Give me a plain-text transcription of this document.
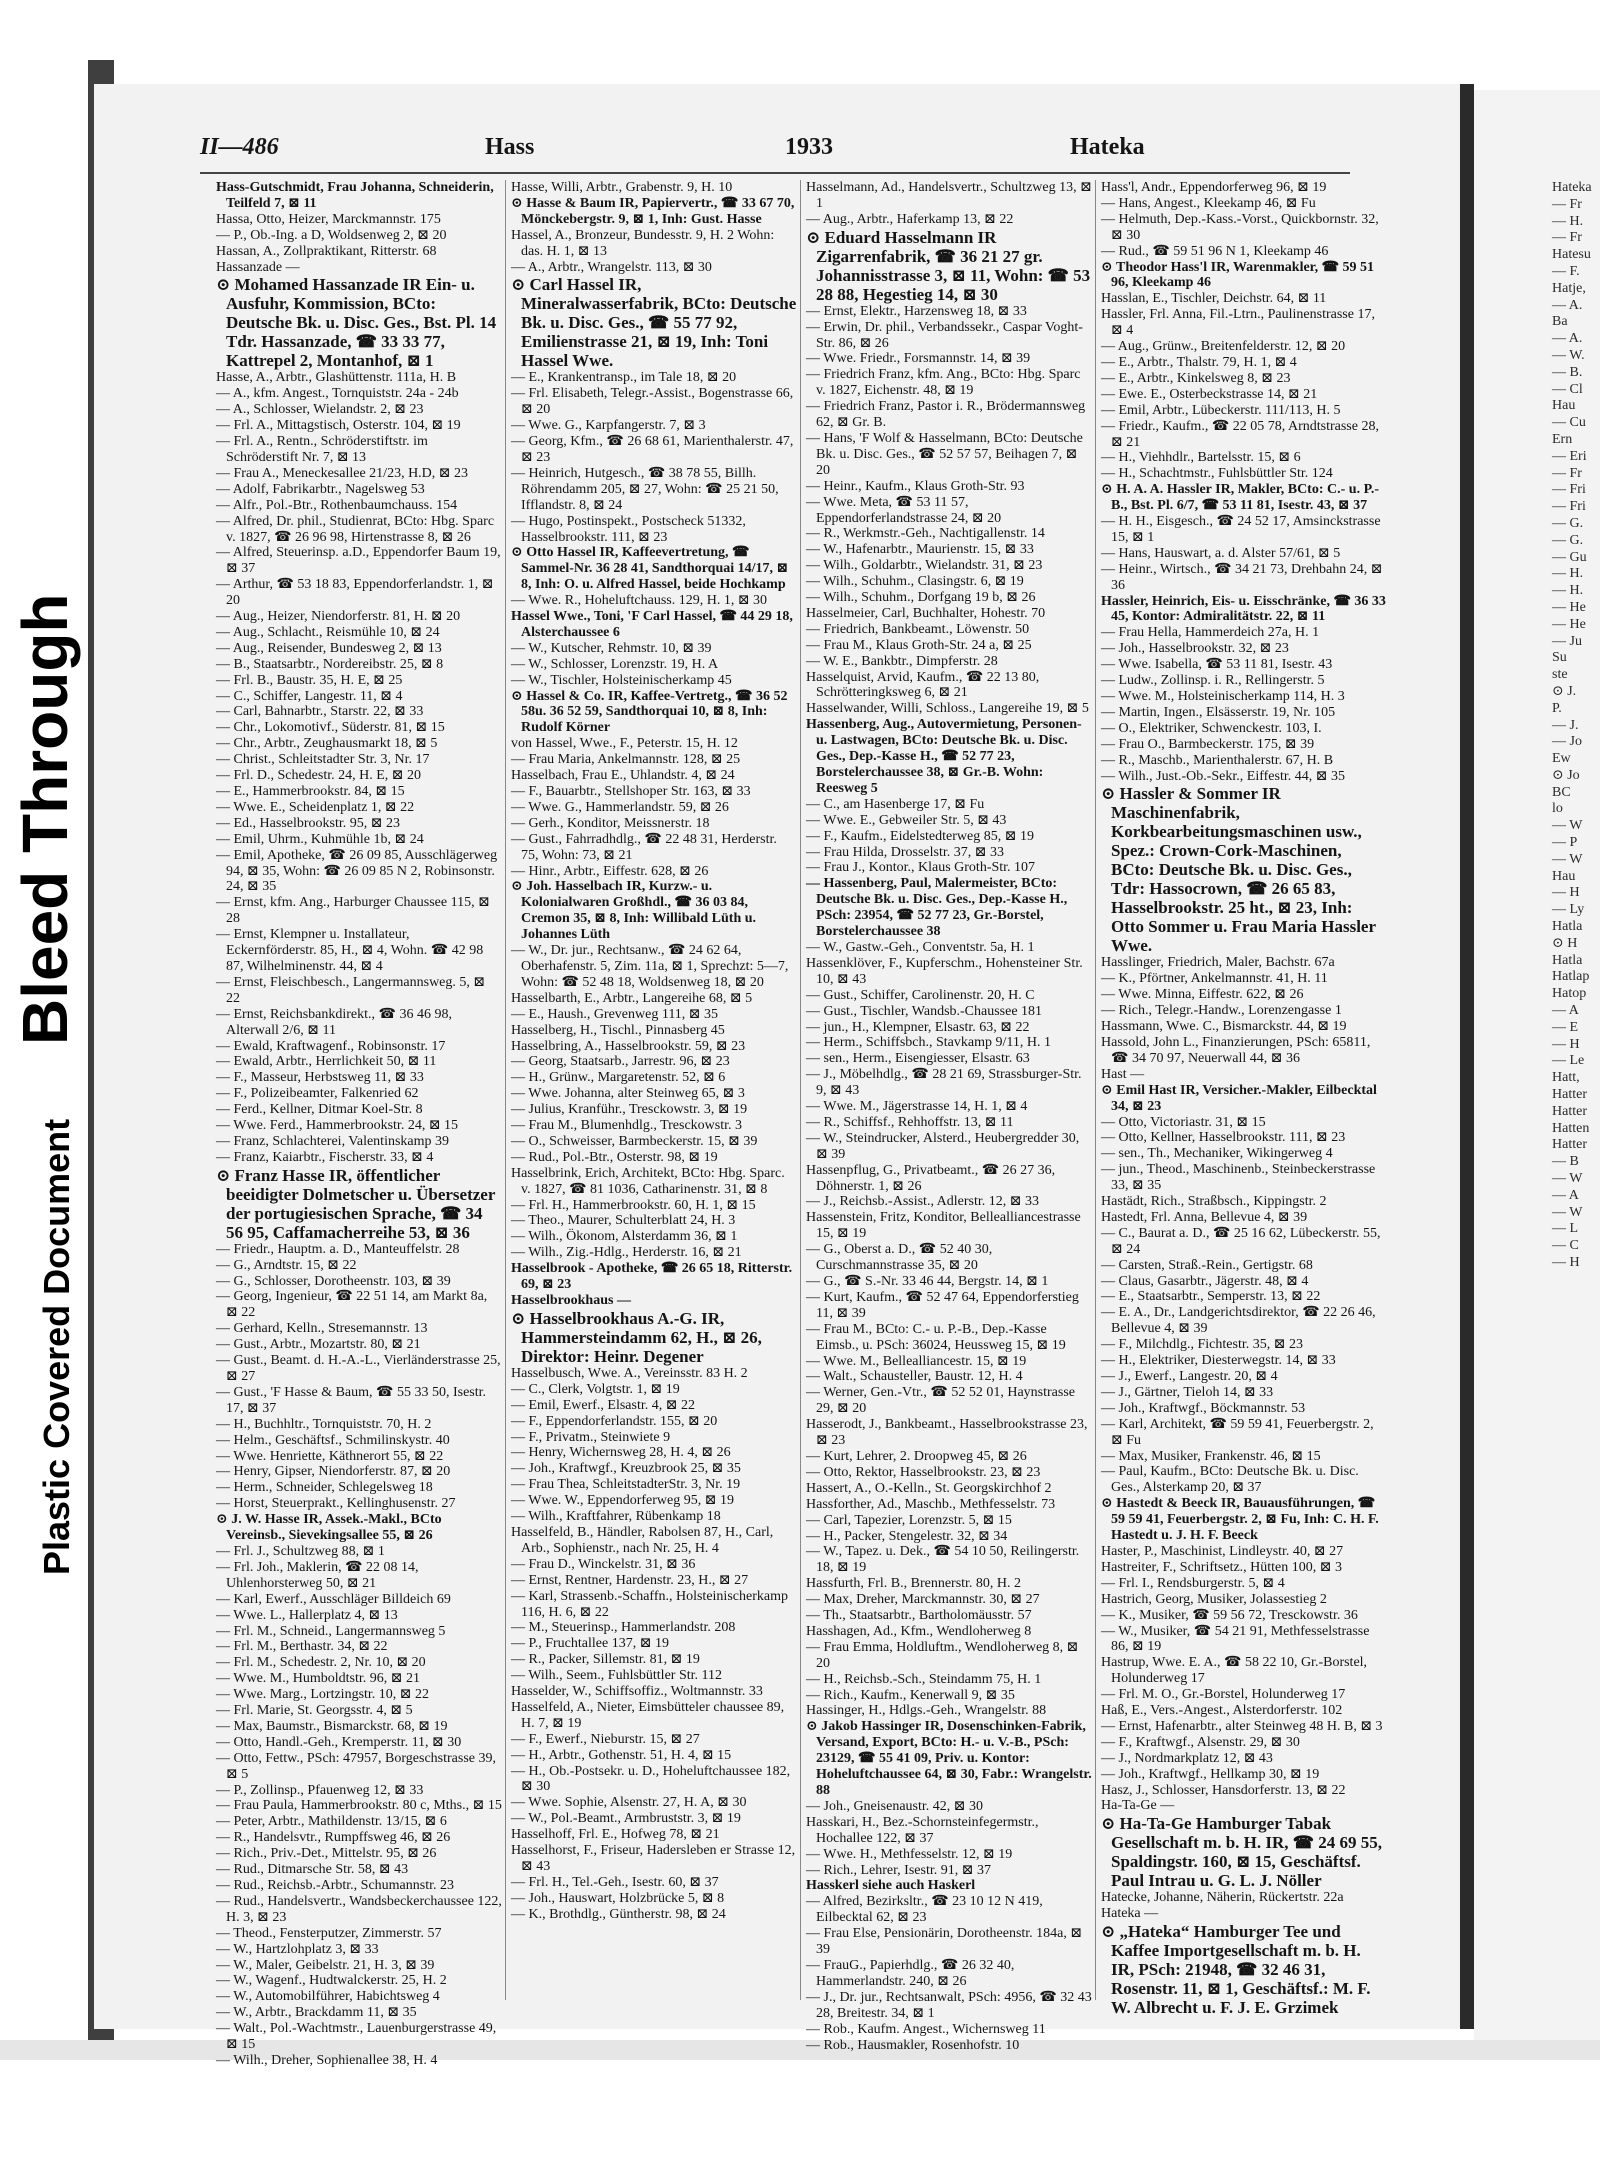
Hateka
— Fr
— H.
— Fr
Hatesu
— F.
Hatje,
— A.
Ba
— A.
— W.
— B.
— Cl
Hau
— Cu
Ern
— Eri
— Fr
— Fri
— Fri
— G.
— G.
— Gu
— H.
— H.
— He
— He
— Ju
Su
ste
⊙ J.
P.
— J.
— Jo
Ew
⊙ Jo
BC
lo
— W
— P
— W
Hau
— H
— Ly
Hatla
⊙ H
Hatla
Hatlap
Hatop
— A
— E
— H
— Le
Hatt,
Hatter
Hatter
Hatten
Hatter
— B
— W
— A
— W
— L
— C
— H
Bleed Through
Plastic Covered Document
II—486	Hass	1933	Hateka

Hass-Gutschmidt, Frau Johanna, Schneiderin, Teilfeld 7, ⊠ 11

Hassa, Otto, Heizer, Marckmannstr. 175

— P., Ob.-Ing. a D, Woldsenweg 2, ⊠ 20

Hassan, A., Zollpraktikant, Ritterstr. 68

Hassanzade —

⊙ Mohamed Hassanzade IR Ein- u. Ausfuhr, Kommission, BCto: Deutsche Bk. u. Disc. Ges., Bst. Pl. 14 Tdr. Hassanzade, ☎ 33 33 77, Kattrepel 2, Montanhof, ⊠ 1

Hasse, A., Arbtr., Glashüttenstr. 111a, H. B

— A., kfm. Angest., Tornquiststr. 24a - 24b

— A., Schlosser, Wielandstr. 2, ⊠ 23

— Frl. A., Mittagstisch, Osterstr. 104, ⊠ 19

— Frl. A., Rentn., Schröderstiftstr. im Schröderstift Nr. 7, ⊠ 13

— Frau A., Meneckesallee 21/23, H.D, ⊠ 23

— Adolf, Fabrikarbtr., Nagelsweg 53

— Alfr., Pol.-Btr., Rothenbaumchauss. 154

— Alfred, Dr. phil., Studienrat, BCto: Hbg. Sparc v. 1827, ☎ 26 96 98, Hirtenstrasse 8, ⊠ 26

— Alfred, Steuerinsp. a.D., Eppendorfer Baum 19, ⊠ 37

— Arthur, ☎ 53 18 83, Eppendorferlandstr. 1, ⊠ 20

— Aug., Heizer, Niendorferstr. 81, H. ⊠ 20

— Aug., Schlacht., Reismühle 10, ⊠ 24

— Aug., Reisender, Bundesweg 2, ⊠ 13

— B., Staatsarbtr., Nordereibstr. 25, ⊠ 8

— Frl. B., Baustr. 35, H. E, ⊠ 25

— C., Schiffer, Langestr. 11, ⊠ 4

— Carl, Bahnarbtr., Starstr. 22, ⊠ 33

— Chr., Lokomotivf., Süderstr. 81, ⊠ 15

— Chr., Arbtr., Zeughausmarkt 18, ⊠ 5

— Christ., Schleitstadter Str. 3, Nr. 17

— Frl. D., Schedestr. 24, H. E, ⊠ 20

— E., Hammerbrookstr. 84, ⊠ 15

— Wwe. E., Scheidenplatz 1, ⊠ 22

— Ed., Hasselbrookstr. 95, ⊠ 23

— Emil, Uhrm., Kuhmühle 1b, ⊠ 24

— Emil, Apotheke, ☎ 26 09 85, Ausschlägerweg 94, ⊠ 35, Wohn: ☎ 26 09 85 N 2, Robinsonstr. 24, ⊠ 35

— Ernst, kfm. Ang., Harburger Chaussee 115, ⊠ 28

— Ernst, Klempner u. Installateur, Eckernförderstr. 85, H., ⊠ 4, Wohn. ☎ 42 98 87, Wilhelminenstr. 44, ⊠ 4

— Ernst, Fleischbesch., Langermannsweg. 5, ⊠ 22

— Ernst, Reichsbankdirekt., ☎ 36 46 98, Alterwall 2/6, ⊠ 11

— Ewald, Kraftwagenf., Robinsonstr. 17

— Ewald, Arbtr., Herrlichkeit 50, ⊠ 11

— F., Masseur, Herbstsweg 11, ⊠ 33

— F., Polizeibeamter, Falkenried 62

— Ferd., Kellner, Ditmar Koel-Str. 8

— Wwe. Ferd., Hammerbrookstr. 24, ⊠ 15

— Franz, Schlachterei, Valentinskamp 39

— Franz, Kaiarbtr., Fischerstr. 33, ⊠ 4

⊙ Franz Hasse IR, öffentlicher beeidigter Dolmetscher u. Übersetzer der portugiesischen Sprache, ☎ 34 56 95, Caffamacherreihe 53, ⊠ 36

— Friedr., Hauptm. a. D., Manteuffelstr. 28

— G., Arndtstr. 15, ⊠ 22

— G., Schlosser, Dorotheenstr. 103, ⊠ 39

— Georg, Ingenieur, ☎ 22 51 14, am Markt 8a, ⊠ 22

— Gerhard, Kelln., Stresemannstr. 13

— Gust., Arbtr., Mozartstr. 80, ⊠ 21

— Gust., Beamt. d. H.-A.-L., Vierländerstrasse 25, ⊠ 27

— Gust., 'F Hasse & Baum, ☎ 55 33 50, Isestr. 17, ⊠ 37

— H., Buchhltr., Tornquiststr. 70, H. 2

— Helm., Geschäftsf., Schmilinskystr. 40

— Wwe. Henriette, Käthnerort 55, ⊠ 22

— Henry, Gipser, Niendorferstr. 87, ⊠ 20

— Herm., Schneider, Schlegelsweg 18

— Horst, Steuerprakt., Kellinghusenstr. 27

⊙ J. W. Hasse IR, Assek.-Makl., BCto Vereinsb., Sievekingsallee 55, ⊠ 26

— Frl. J., Schultzweg 88, ⊠ 1

— Frl. Joh., Maklerin, ☎ 22 08 14, Uhlenhorsterweg 50, ⊠ 21

— Karl, Ewerf., Ausschläger Billdeich 69

— Wwe. L., Hallerplatz 4, ⊠ 13

— Frl. M., Schneid., Langermannsweg 5

— Frl. M., Berthastr. 34, ⊠ 22

— Frl. M., Schedestr. 2, Nr. 10, ⊠ 20

— Wwe. M., Humboldtstr. 96, ⊠ 21

— Wwe. Marg., Lortzingstr. 10, ⊠ 22

— Frl. Marie, St. Georgsstr. 4, ⊠ 5

— Max, Baumstr., Bismarckstr. 68, ⊠ 19

— Otto, Handl.-Geh., Kremperstr. 11, ⊠ 30

— Otto, Fettw., PSch: 47957, Borgeschstrasse 39, ⊠ 5

— P., Zollinsp., Pfauenweg 12, ⊠ 33

— Frau Paula, Hammerbrookstr. 80 c, Mths., ⊠ 15

— Peter, Arbtr., Mathildenstr. 13/15, ⊠ 6

— R., Handelsvtr., Rumpffsweg 46, ⊠ 26

— Rich., Priv.-Det., Mittelstr. 95, ⊠ 26

— Rud., Ditmarsche Str. 58, ⊠ 43

— Rud., Reichsb.-Arbtr., Schumannstr. 23

— Rud., Handelsvertr., Wandsbeckerchaussee 122, H. 3, ⊠ 23

— Theod., Fensterputzer, Zimmerstr. 57

— W., Hartzlohplatz 3, ⊠ 33

— W., Maler, Geibelstr. 21, H. 3, ⊠ 39

— W., Wagenf., Hudtwalckerstr. 25, H. 2

— W., Automobilführer, Habichtsweg 4

— W., Arbtr., Brackdamm 11, ⊠ 35

— Walt., Pol.-Wachtmstr., Lauenburgerstrasse 49, ⊠ 15

— Wilh., Dreher, Sophienallee 38, H. 4

Hasse, Willi, Arbtr., Grabenstr. 9, H. 10

⊙ Hasse & Baum IR, Papiervertr., ☎ 33 67 70, Mönckebergstr. 9, ⊠ 1, Inh: Gust. Hasse

Hassel, A., Bronzeur, Bundesstr. 9, H. 2 Wohn: das. H. 1, ⊠ 13

— A., Arbtr., Wrangelstr. 113, ⊠ 30

⊙ Carl Hassel IR, Mineralwasserfabrik, BCto: Deutsche Bk. u. Disc. Ges., ☎ 55 77 92, Emilienstrasse 21, ⊠ 19, Inh: Toni Hassel Wwe.

— E., Krankentransp., im Tale 18, ⊠ 20

— Frl. Elisabeth, Telegr.-Assist., Bogenstrasse 66, ⊠ 20

— Wwe. G., Karpfangerstr. 7, ⊠ 3

— Georg, Kfm., ☎ 26 68 61, Marienthalerstr. 47, ⊠ 23

— Heinrich, Hutgesch., ☎ 38 78 55, Billh. Röhrendamm 205, ⊠ 27, Wohn: ☎ 25 21 50, Ifflandstr. 8, ⊠ 24

— Hugo, Postinspekt., Postscheck 51332, Hasselbrookstr. 111, ⊠ 23

⊙ Otto Hassel IR, Kaffeevertretung, ☎ Sammel-Nr. 36 28 41, Sandthorquai 14/17, ⊠ 8, Inh: O. u. Alfred Hassel, beide Hochkamp

— Wwe. R., Hoheluftchauss. 129, H. 1, ⊠ 30

Hassel Wwe., Toni, 'F Carl Hassel, ☎ 44 29 18, Alsterchaussee 6

— W., Kutscher, Rehmstr. 10, ⊠ 39

— W., Schlosser, Lorenzstr. 19, H. A

— W., Tischler, Holsteinischerkamp 45

⊙ Hassel & Co. IR, Kaffee-Vertretg., ☎ 36 52 58u. 36 52 59, Sandthorquai 10, ⊠ 8, Inh: Rudolf Körner

von Hassel, Wwe., F., Peterstr. 15, H. 12

— Frau Maria, Ankelmannstr. 128, ⊠ 25

Hasselbach, Frau E., Uhlandstr. 4, ⊠ 24

— F., Bauarbtr., Stellshoper Str. 163, ⊠ 33

— Wwe. G., Hammerlandstr. 59, ⊠ 26

— Gerh., Konditor, Meissnerstr. 18

— Gust., Fahrradhdlg., ☎ 22 48 31, Herderstr. 75, Wohn: 73, ⊠ 21

— Hinr., Arbtr., Eiffestr. 628, ⊠ 26

⊙ Joh. Hasselbach IR, Kurzw.- u. Kolonialwaren Großhdl., ☎ 36 03 84, Cremon 35, ⊠ 8, Inh: Willibald Lüth u. Johannes Lüth

— W., Dr. jur., Rechtsanw., ☎ 24 62 64, Oberhafenstr. 5, Zim. 11a, ⊠ 1, Sprechzt: 5—7, Wohn: ☎ 52 48 18, Woldsenweg 18, ⊠ 20

Hasselbarth, E., Arbtr., Langereihe 68, ⊠ 5

— E., Haush., Grevenweg 111, ⊠ 35

Hasselberg, H., Tischl., Pinnasberg 45

Hasselbring, A., Hasselbrookstr. 59, ⊠ 23

— Georg, Staatsarb., Jarrestr. 96, ⊠ 23

— H., Grünw., Margaretenstr. 52, ⊠ 6

— Wwe. Johanna, alter Steinweg 65, ⊠ 3

— Julius, Kranführ., Tresckowstr. 3, ⊠ 19

— Frau M., Blumenhdlg., Tresckowstr. 3

— O., Schweisser, Barmbeckerstr. 15, ⊠ 39

— Rud., Pol.-Btr., Osterstr. 98, ⊠ 19

Hasselbrink, Erich, Architekt, BCto: Hbg. Sparc. v. 1827, ☎ 81 1036, Catharinenstr. 31, ⊠ 8

— Frl. H., Hammerbrookstr. 60, H. 1, ⊠ 15

— Theo., Maurer, Schulterblatt 24, H. 3

— Wilh., Ökonom, Alsterdamm 36, ⊠ 1

— Wilh., Zig.-Hdlg., Herderstr. 16, ⊠ 21

Hasselbrook - Apotheke, ☎ 26 65 18, Ritterstr. 69, ⊠ 23

Hasselbrookhaus —

⊙ Hasselbrookhaus A.-G. IR, Hammersteindamm 62, H., ⊠ 26, Direktor: Heinr. Degener

Hasselbusch, Wwe. A., Vereinsstr. 83 H. 2

— C., Clerk, Volgtstr. 1, ⊠ 19

— Emil, Ewerf., Elsastr. 4, ⊠ 22

— F., Eppendorferlandstr. 155, ⊠ 20

— F., Privatm., Steinwiete 9

— Henry, Wichernsweg 28, H. 4, ⊠ 26

— Joh., Kraftwgf., Kreuzbrook 25, ⊠ 35

— Frau Thea, SchleitstadterStr. 3, Nr. 19

— Wwe. W., Eppendorferweg 95, ⊠ 19

— Wilh., Kraftfahrer, Rübenkamp 18

Hasselfeld, B., Händler, Rabolsen 87, H., Carl, Arb., Sophienstr., nach Nr. 25, H. 4

— Frau D., Winckelstr. 31, ⊠ 36

— Ernst, Rentner, Hardenstr. 23, H., ⊠ 27

— Karl, Strassenb.-Schaffn., Holsteinischerkamp 116, H. 6, ⊠ 22

— M., Steuerinsp., Hammerlandstr. 208

— P., Fruchtallee 137, ⊠ 19

— R., Packer, Sillemstr. 81, ⊠ 19

— Wilh., Seem., Fuhlsbüttler Str. 112

Hasselder, W., Schiffsoffiz., Woltmannstr. 33

Hasselfeld, A., Nieter, Eimsbütteler chaussee 89, H. 7, ⊠ 19

— F., Ewerf., Nieburstr. 15, ⊠ 27

— H., Arbtr., Gothenstr. 51, H. 4, ⊠ 15

— H., Ob.-Postsekr. u. D., Hoheluftchaussee 182, ⊠ 30

— Wwe. Sophie, Alsenstr. 27, H. A, ⊠ 30

— W., Pol.-Beamt., Armbruststr. 3, ⊠ 19

Hasselhoff, Frl. E., Hofweg 78, ⊠ 21

Hasselhorst, F., Friseur, Hadersleben er Strasse 12, ⊠ 43

— Frl. H., Tel.-Geh., Isestr. 60, ⊠ 37

— Joh., Hauswart, Holzbrücke 5, ⊠ 8

— K., Brothdlg., Güntherstr. 98, ⊠ 24

Hasselmann, Ad., Handelsvertr., Schultzweg 13, ⊠ 1

— Aug., Arbtr., Haferkamp 13, ⊠ 22

⊙ Eduard Hasselmann IR Zigarrenfabrik, ☎ 36 21 27 gr. Johannisstrasse 3, ⊠ 11, Wohn: ☎ 53 28 88, Hegestieg 14, ⊠ 30

— Ernst, Elektr., Harzensweg 18, ⊠ 33

— Erwin, Dr. phil., Verbandssekr., Caspar Voght-Str. 86, ⊠ 26

— Wwe. Friedr., Forsmannstr. 14, ⊠ 39

— Friedrich Franz, kfm. Ang., BCto: Hbg. Sparc v. 1827, Eichenstr. 48, ⊠ 19

— Friedrich Franz, Pastor i. R., Brödermannsweg 62, ⊠ Gr. B.

— Hans, 'F Wolf & Hasselmann, BCto: Deutsche Bk. u. Disc. Ges., ☎ 52 57 57, Beihagen 7, ⊠ 20

— Heinr., Kaufm., Klaus Groth-Str. 93

— Wwe. Meta, ☎ 53 11 57, Eppendorferlandstrasse 24, ⊠ 20

— R., Werkmstr.-Geh., Nachtigallenstr. 14

— W., Hafenarbtr., Maurienstr. 15, ⊠ 33

— Wilh., Goldarbtr., Wielandstr. 31, ⊠ 23

— Wilh., Schuhm., Clasingstr. 6, ⊠ 19

— Wilh., Schuhm., Dorfgang 19 b, ⊠ 26

Hasselmeier, Carl, Buchhalter, Hohestr. 70

— Friedrich, Bankbeamt., Löwenstr. 50

— Frau M., Klaus Groth-Str. 24 a, ⊠ 25

— W. E., Bankbtr., Dimpferstr. 28

Hasselquist, Arvid, Kaufm., ☎ 22 13 80, Schrötteringksweg 6, ⊠ 21

Hasselwander, Willi, Schloss., Langereihe 19, ⊠ 5

Hassenberg, Aug., Autovermietung, Personen- u. Lastwagen, BCto: Deutsche Bk. u. Disc. Ges., Dep.-Kasse H., ☎ 52 77 23, Borstelerchaussee 38, ⊠ Gr.-B. Wohn: Reesweg 5

— C., am Hasenberge 17, ⊠ Fu

— Wwe. E., Gebweiler Str. 5, ⊠ 43

— F., Kaufm., Eidelstedterweg 85, ⊠ 19

— Frau Hilda, Drosselstr. 37, ⊠ 33

— Frau J., Kontor., Klaus Groth-Str. 107

— Hassenberg, Paul, Malermeister, BCto: Deutsche Bk. u. Disc. Ges., Dep.-Kasse H., PSch: 23954, ☎ 52 77 23, Gr.-Borstel, Borstelerchaussee 38

— W., Gastw.-Geh., Conventstr. 5a, H. 1

Hassenklöver, F., Kupferschm., Hohensteiner Str. 10, ⊠ 43

— Gust., Schiffer, Carolinenstr. 20, H. C

— Gust., Tischler, Wandsb.-Chaussee 181

— jun., H., Klempner, Elsastr. 63, ⊠ 22

— Herm., Schiffsbch., Stavkamp 9/11, H. 1

— sen., Herm., Eisengiesser, Elsastr. 63

— J., Möbelhdlg., ☎ 28 21 69, Strassburger-Str. 9, ⊠ 43

— Wwe. M., Jägerstrasse 14, H. 1, ⊠ 4

— R., Schiffsf., Rehhoffstr. 13, ⊠ 11

— W., Steindrucker, Alsterd., Heubergredder 30, ⊠ 39

Hassenpflug, G., Privatbeamt., ☎ 26 27 36, Döhnerstr. 1, ⊠ 26

— J., Reichsb.-Assist., Adlerstr. 12, ⊠ 33

Hassenstein, Fritz, Konditor, Bellealliancestrasse 15, ⊠ 19

— G., Oberst a. D., ☎ 52 40 30, Curschmannstrasse 35, ⊠ 20

— G., ☎ S.-Nr. 33 46 44, Bergstr. 14, ⊠ 1

— Kurt, Kaufm., ☎ 52 47 64, Eppendorferstieg 11, ⊠ 39

— Frau M., BCto: C.- u. P.-B., Dep.-Kasse Eimsb., u. PSch: 36024, Heussweg 15, ⊠ 19

— Wwe. M., Bellealliancestr. 15, ⊠ 19

— Walt., Schausteller, Baustr. 12, H. 4

— Werner, Gen.-Vtr., ☎ 52 52 01, Haynstrasse 29, ⊠ 20

Hasserodt, J., Bankbeamt., Hasselbrookstrasse 23, ⊠ 23

— Kurt, Lehrer, 2. Droopweg 45, ⊠ 26

— Otto, Rektor, Hasselbrookstr. 23, ⊠ 23

Hassert, A., O.-Kelln., St. Georgskirchhof 2

Hassforther, Ad., Maschb., Methfesselstr. 73

— Carl, Tapezier, Lorenzstr. 5, ⊠ 15

— H., Packer, Stengelestr. 32, ⊠ 34

— W., Tapez. u. Dek., ☎ 54 10 50, Reilingerstr. 18, ⊠ 19

Hassfurth, Frl. B., Brennerstr. 80, H. 2

— Max, Dreher, Marckmannstr. 30, ⊠ 27

— Th., Staatsarbtr., Bartholomäusstr. 57

Hasshagen, Ad., Kfm., Wendloherweg 8

— Frau Emma, Holdluftm., Wendloherweg 8, ⊠ 20

— H., Reichsb.-Sch., Steindamm 75, H. 1

— Rich., Kaufm., Kenerwall 9, ⊠ 35

Hassinger, H., Hdlgs.-Geh., Wrangelstr. 88

⊙ Jakob Hassinger IR, Dosenschinken-Fabrik, Versand, Export, BCto: H.- u. V.-B., PSch: 23129, ☎ 55 41 09, Priv. u. Kontor: Hoheluftchaussee 64, ⊠ 30, Fabr.: Wrangelstr. 88

— Joh., Gneisenaustr. 42, ⊠ 30

Hasskari, H., Bez.-Schornsteinfegermstr., Hochallee 122, ⊠ 37

— Wwe. H., Methfesselstr. 12, ⊠ 19

— Rich., Lehrer, Isestr. 91, ⊠ 37

Hasskerl siehe auch Haskerl

— Alfred, Bezirksltr., ☎ 23 10 12 N 419, Eilbecktal 62, ⊠ 23

— Frau Else, Pensionärin, Dorotheenstr. 184a, ⊠ 39

— FrauG., Papierhdlg., ☎ 26 32 40, Hammerlandstr. 240, ⊠ 26

— J., Dr. jur., Rechtsanwalt, PSch: 4956, ☎ 32 43 28, Breitestr. 34, ⊠ 1

— Rob., Kaufm. Angest., Wichernsweg 11

— Rob., Hausmakler, Rosenhofstr. 10

Hass'l, Andr., Eppendorferweg 96, ⊠ 19

— Hans, Angest., Kleekamp 46, ⊠ Fu

— Helmuth, Dep.-Kass.-Vorst., Quickbornstr. 32, ⊠ 30

— Rud., ☎ 59 51 96 N 1, Kleekamp 46

⊙ Theodor Hass'l IR, Warenmakler, ☎ 59 51 96, Kleekamp 46

Hasslan, E., Tischler, Deichstr. 64, ⊠ 11

Hassler, Frl. Anna, Fil.-Ltrn., Paulinenstrasse 17, ⊠ 4

— Aug., Grünw., Breitenfelderstr. 12, ⊠ 20

— E., Arbtr., Thalstr. 79, H. 1, ⊠ 4

— E., Arbtr., Kinkelsweg 8, ⊠ 23

— Ewe. E., Osterbeckstrasse 14, ⊠ 21

— Emil, Arbtr., Lübeckerstr. 111/113, H. 5

— Friedr., Kaufm., ☎ 22 05 78, Arndtstrasse 28, ⊠ 21

— H., Viehhdlr., Bartelsstr. 15, ⊠ 6

— H., Schachtmstr., Fuhlsbüttler Str. 124

⊙ H. A. A. Hassler IR, Makler, BCto: C.- u. P.-B., Bst. Pl. 6/7, ☎ 53 11 81, Isestr. 43, ⊠ 37

— H. H., Eisgesch., ☎ 24 52 17, Amsinckstrasse 15, ⊠ 1

— Hans, Hauswart, a. d. Alster 57/61, ⊠ 5

— Heinr., Wirtsch., ☎ 34 21 73, Drehbahn 24, ⊠ 36

Hassler, Heinrich, Eis- u. Eisschränke, ☎ 36 33 45, Kontor: Admiralitätstr. 22, ⊠ 11

— Frau Hella, Hammerdeich 27a, H. 1

— Joh., Hasselbrookstr. 32, ⊠ 23

— Wwe. Isabella, ☎ 53 11 81, Isestr. 43

— Ludw., Zollinsp. i. R., Rellingerstr. 5

— Wwe. M., Holsteinischerkamp 114, H. 3

— Martin, Ingen., Elsässerstr. 19, Nr. 105

— O., Elektriker, Schwenckestr. 103, I.

— Frau O., Barmbeckerstr. 175, ⊠ 39

— R., Maschb., Marienthalerstr. 67, H. B

— Wilh., Just.-Ob.-Sekr., Eiffestr. 44, ⊠ 35

⊙ Hassler & Sommer IR Maschinenfabrik, Korkbearbeitungsmaschinen usw., Spez.: Crown-Cork-Maschinen, BCto: Deutsche Bk. u. Disc. Ges., Tdr: Hassocrown, ☎ 26 65 83, Hasselbrookstr. 25 ht., ⊠ 23, Inh: Otto Sommer u. Frau Maria Hassler Wwe.

Hasslinger, Friedrich, Maler, Bachstr. 67a

— K., Pförtner, Ankelmannstr. 41, H. 11

— Wwe. Minna, Eiffestr. 622, ⊠ 26

— Rich., Telegr.-Handw., Lorenzengasse 1

Hassmann, Wwe. C., Bismarckstr. 44, ⊠ 19

Hassold, John L., Finanzierungen, PSch: 65811, ☎ 34 70 97, Neuerwall 44, ⊠ 36

Hast —

⊙ Emil Hast IR, Versicher.-Makler, Eilbecktal 34, ⊠ 23

— Otto, Victoriastr. 31, ⊠ 15

— Otto, Kellner, Hasselbrookstr. 111, ⊠ 23

— sen., Th., Mechaniker, Wikingerweg 4

— jun., Theod., Maschinenb., Steinbeckerstrasse 33, ⊠ 35

Hastädt, Rich., Straßbsch., Kippingstr. 2

Hastedt, Frl. Anna, Bellevue 4, ⊠ 39

— C., Baurat a. D., ☎ 25 16 62, Lübeckerstr. 55, ⊠ 24

— Carsten, Straß.-Rein., Gertigstr. 68

— Claus, Gasarbtr., Jägerstr. 48, ⊠ 4

— E., Staatsarbtr., Semperstr. 13, ⊠ 22

— E. A., Dr., Landgerichtsdirektor, ☎ 22 26 46, Bellevue 4, ⊠ 39

— F., Milchdlg., Fichtestr. 35, ⊠ 23

— H., Elektriker, Diesterwegstr. 14, ⊠ 33

— J., Ewerf., Langestr. 20, ⊠ 4

— J., Gärtner, Tieloh 14, ⊠ 33

— Joh., Kraftwgf., Böckmannstr. 53

— Karl, Architekt, ☎ 59 59 41, Feuerbergstr. 2, ⊠ Fu

— Max, Musiker, Frankenstr. 46, ⊠ 15

— Paul, Kaufm., BCto: Deutsche Bk. u. Disc. Ges., Alsterkamp 20, ⊠ 37

⊙ Hastedt & Beeck IR, Bauausführungen, ☎ 59 59 41, Feuerbergstr. 2, ⊠ Fu, Inh: C. H. F. Hastedt u. J. H. F. Beeck

Haster, P., Maschinist, Lindleystr. 40, ⊠ 27

Hastreiter, F., Schriftsetz., Hütten 100, ⊠ 3

— Frl. I., Rendsburgerstr. 5, ⊠ 4

Hastrich, Georg, Musiker, Jolassestieg 2

— K., Musiker, ☎ 59 56 72, Tresckowstr. 36

— W., Musiker, ☎ 54 21 91, Methfesselstrasse 86, ⊠ 19

Hastrup, Wwe. E. A., ☎ 58 22 10, Gr.-Borstel, Holunderweg 17

— Frl. M. O., Gr.-Borstel, Holunderweg 17

Haß, E., Vers.-Angest., Alsterdorferstr. 102

— Ernst, Hafenarbtr., alter Steinweg 48 H. B, ⊠ 3

— F., Kraftwgf., Alsenstr. 29, ⊠ 30

— J., Nordmarkplatz 12, ⊠ 43

— Joh., Kraftwgf., Hellkamp 30, ⊠ 19

Hasz, J., Schlosser, Hansdorferstr. 13, ⊠ 22

Ha-Ta-Ge —

⊙ Ha-Ta-Ge Hamburger Tabak Gesellschaft m. b. H. IR, ☎ 24 69 55, Spaldingstr. 160, ⊠ 15, Geschäftsf. Paul Intrau u. G. L. J. Nöller

Hatecke, Johanne, Näherin, Rückertstr. 22a

Hateka —

⊙ „Hateka“ Hamburger Tee und Kaffee Importgesellschaft m. b. H. IR, PSch: 21948, ☎ 32 46 31, Rosenstr. 11, ⊠ 1, Geschäftsf.: M. F. W. Albrecht u. F. J. E. Grzimek
